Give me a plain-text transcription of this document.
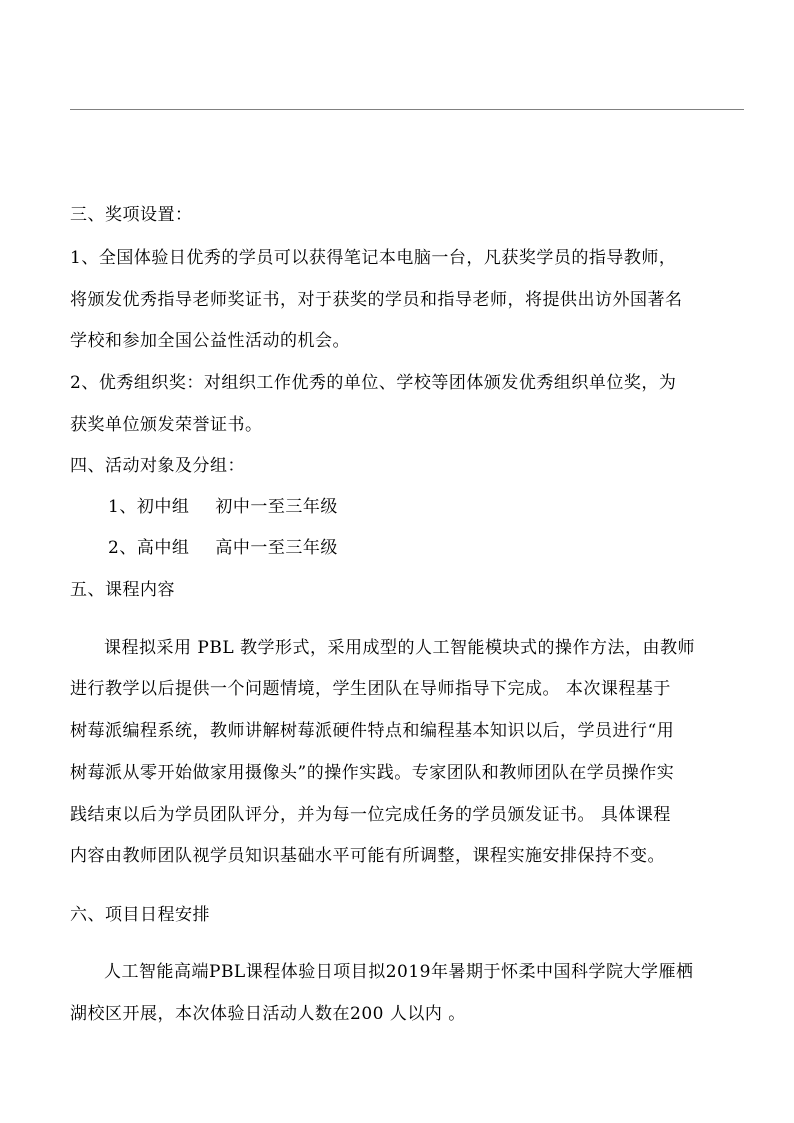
三、奖项设置：
1、全国体验日优秀的学员可以获得笔记本电脑一台，凡获奖学员的指导教师，
将颁发优秀指导老师奖证书，对于获奖的学员和指导老师，将提供出访外国著名
学校和参加全国公益性活动的机会。
2、优秀组织奖：对组织工作优秀的单位、学校等团体颁发优秀组织单位奖，为
获奖单位颁发荣誉证书。
四、活动对象及分组：
1、初中组 初中一至三年级
2、高中组 高中一至三年级
五、课程内容
课程拟采用 PBL 教学形式，采用成型的人工智能模块式的操作方法，由教师
进行教学以后提供一个问题情境，学生团队在导师指导下完成。 本次课程基于
树莓派编程系统，教师讲解树莓派硬件特点和编程基本知识以后，学员进行“用
树莓派从零开始做家用摄像头”的操作实践。专家团队和教师团队在学员操作实
践结束以后为学员团队评分，并为每一位完成任务的学员颁发证书。 具体课程
内容由教师团队视学员知识基础水平可能有所调整，课程实施安排保持不变。
六、项目日程安排
人工智能高端PBL课程体验日项目拟2019年暑期于怀柔中国科学院大学雁栖
湖校区开展，本次体验日活动人数在200 人以内 。
